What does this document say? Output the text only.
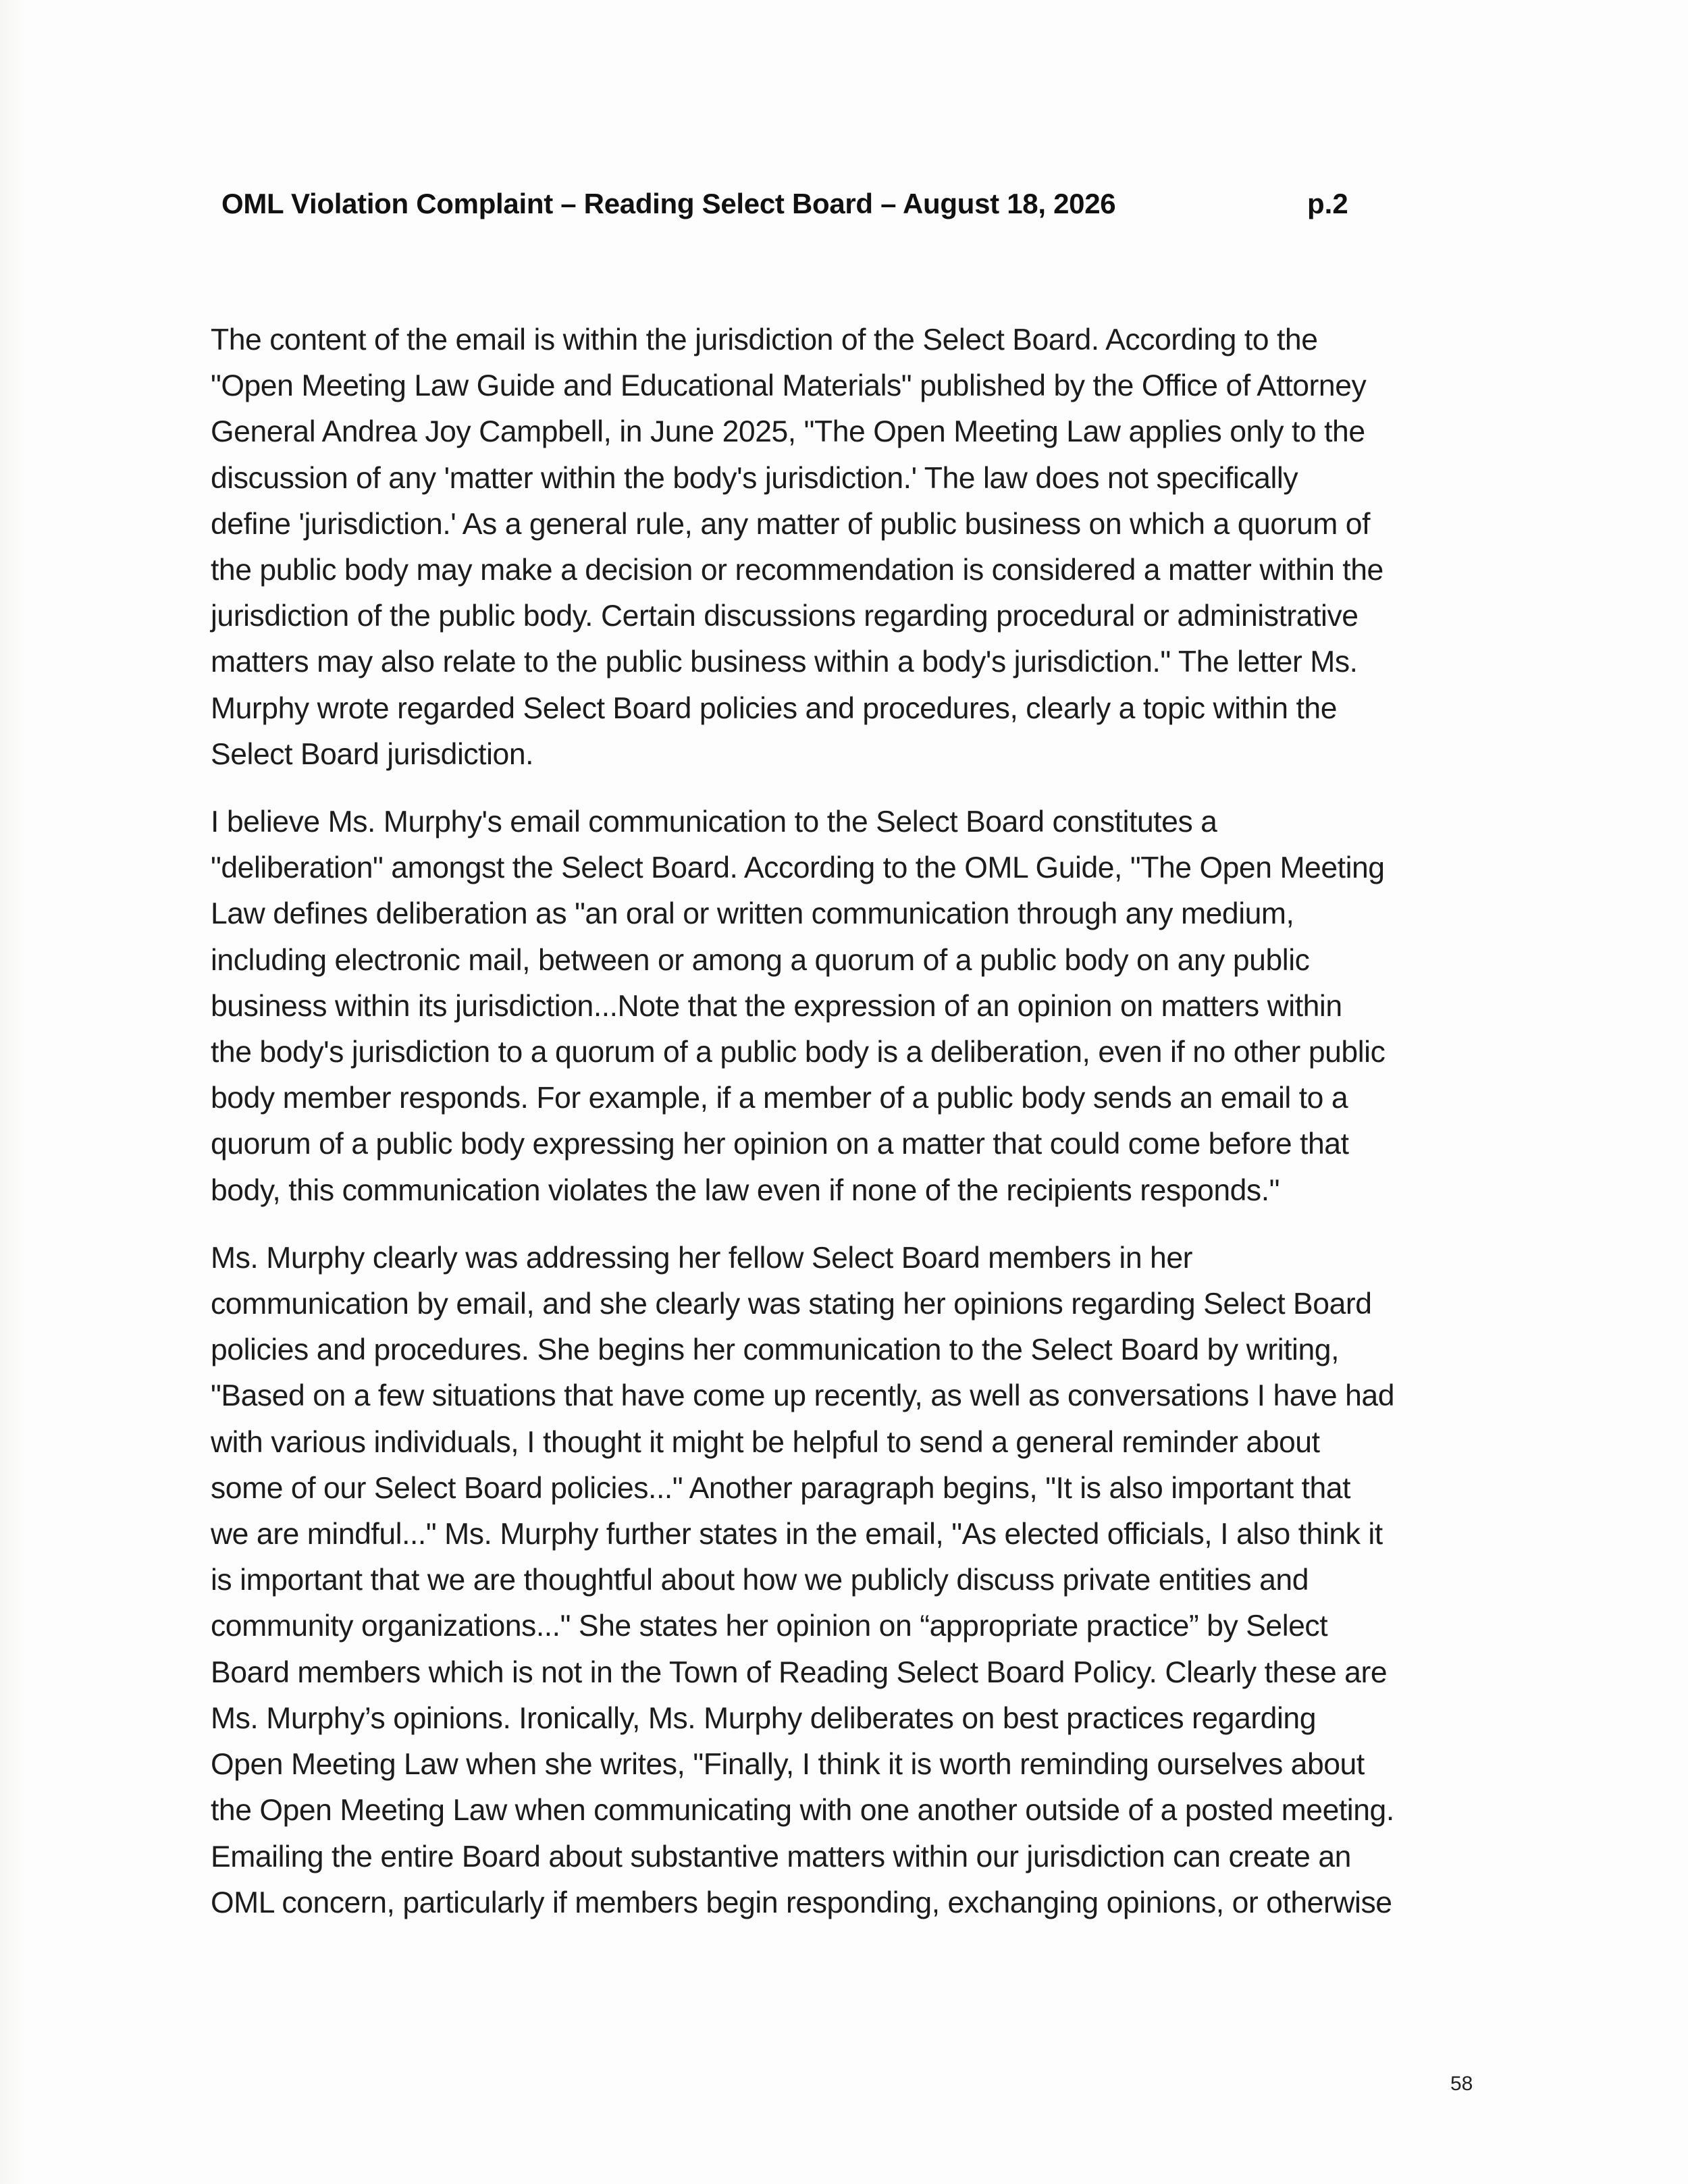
OML Violation Complaint – Reading Select Board – August 18, 2026	p.2
The content of the email is within the jurisdiction of the Select Board. According to the
"Open Meeting Law Guide and Educational Materials" published by the Office of Attorney
General Andrea Joy Campbell, in June 2025, "The Open Meeting Law applies only to the
discussion of any 'matter within the body's jurisdiction.' The law does not specifically
define 'jurisdiction.' As a general rule, any matter of public business on which a quorum of
the public body may make a decision or recommendation is considered a matter within the
jurisdiction of the public body. Certain discussions regarding procedural or administrative
matters may also relate to the public business within a body's jurisdiction." The letter Ms.
Murphy wrote regarded Select Board policies and procedures, clearly a topic within the
Select Board jurisdiction.
I believe Ms. Murphy's email communication to the Select Board constitutes a
"deliberation" amongst the Select Board. According to the OML Guide, "The Open Meeting
Law defines deliberation as "an oral or written communication through any medium,
including electronic mail, between or among a quorum of a public body on any public
business within its jurisdiction...Note that the expression of an opinion on matters within
the body's jurisdiction to a quorum of a public body is a deliberation, even if no other public
body member responds. For example, if a member of a public body sends an email to a
quorum of a public body expressing her opinion on a matter that could come before that
body, this communication violates the law even if none of the recipients responds."
Ms. Murphy clearly was addressing her fellow Select Board members in her
communication by email, and she clearly was stating her opinions regarding Select Board
policies and procedures. She begins her communication to the Select Board by writing,
"Based on a few situations that have come up recently, as well as conversations I have had
with various individuals, I thought it might be helpful to send a general reminder about
some of our Select Board policies..." Another paragraph begins, "It is also important that
we are mindful..." Ms. Murphy further states in the email, "As elected officials, I also think it
is important that we are thoughtful about how we publicly discuss private entities and
community organizations..." She states her opinion on “appropriate practice” by Select
Board members which is not in the Town of Reading Select Board Policy. Clearly these are
Ms. Murphy’s opinions. Ironically, Ms. Murphy deliberates on best practices regarding
Open Meeting Law when she writes, "Finally, I think it is worth reminding ourselves about
the Open Meeting Law when communicating with one another outside of a posted meeting.
Emailing the entire Board about substantive matters within our jurisdiction can create an
OML concern, particularly if members begin responding, exchanging opinions, or otherwise
58
